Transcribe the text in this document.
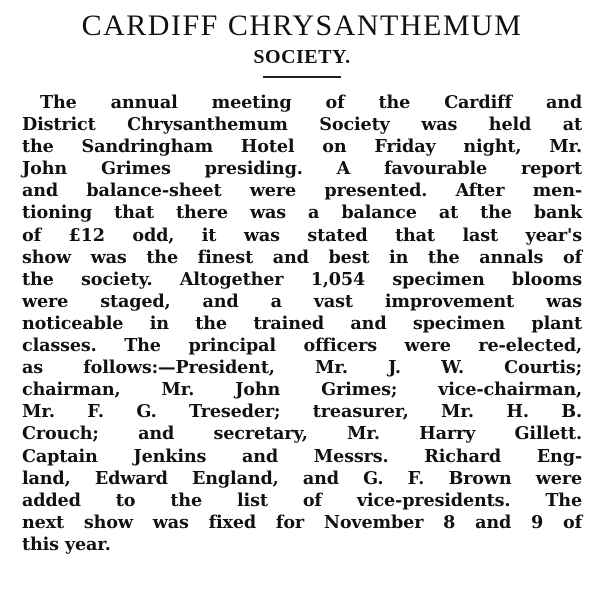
CARDIFF CHRYSANTHEMUM
SOCIETY.
The annual meeting of the Cardiff and
District Chrysanthemum Society was held at
the Sandringham Hotel on Friday night, Mr.
John Grimes presiding. A favourable report
and balance-sheet were presented. After men-
tioning that there was a balance at the bank
of £12 odd, it was stated that last year's
show was the finest and best in the annals of
the society. Altogether 1,054 specimen blooms
were staged, and a vast improvement was
noticeable in the trained and specimen plant
classes. The principal officers were re-elected,
as follows:—President, Mr. J. W. Courtis;
chairman, Mr. John Grimes; vice-chairman,
Mr. F. G. Treseder; treasurer, Mr. H. B.
Crouch; and secretary, Mr. Harry Gillett.
Captain Jenkins and Messrs. Richard Eng-
land, Edward England, and G. F. Brown were
added to the list of vice-presidents. The
next show was fixed for November 8 and 9 of
this year.
